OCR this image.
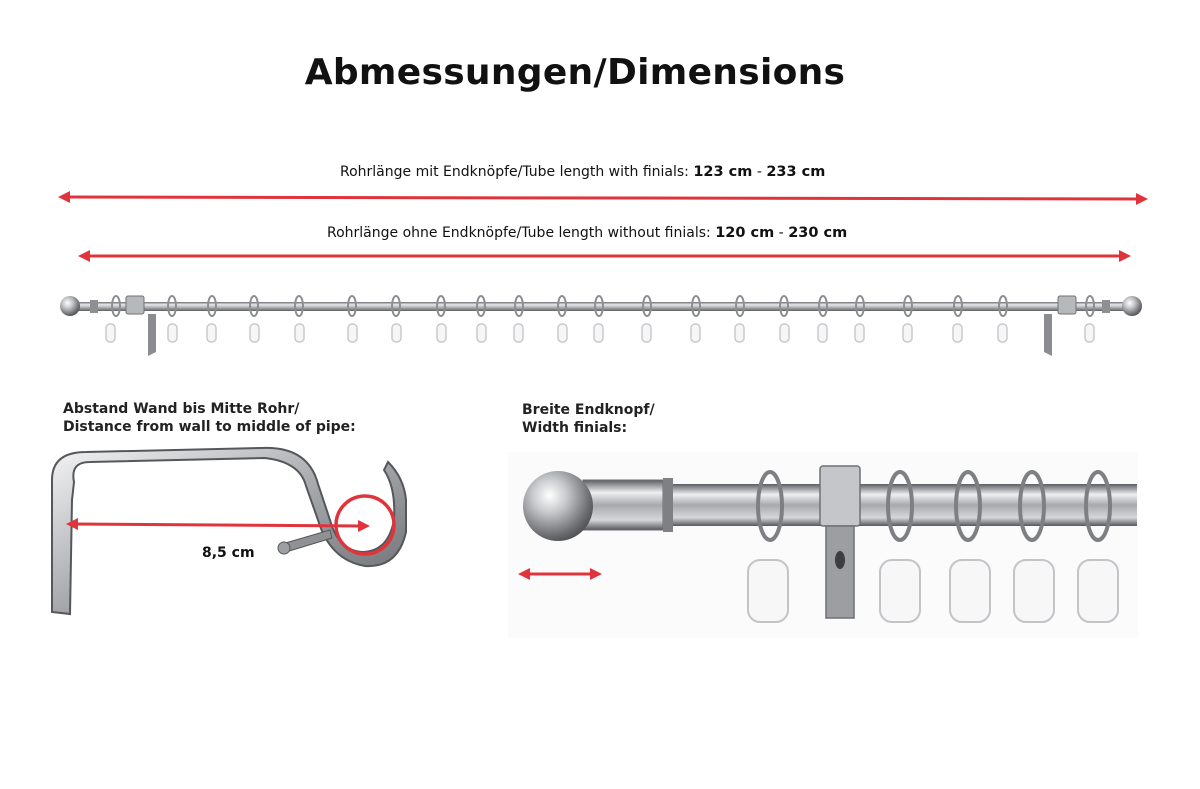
Abmessungen/Dimensions
Rohrlänge mit Endknöpfe/Tube length with finials: 123 cm - 233 cm
Rohrlänge ohne Endknöpfe/Tube length without finials: 120 cm - 230 cm
Abstand Wand bis Mitte Rohr/
Distance from wall to middle of pipe:
Breite Endknopf/
Width finials:
8,5 cm
